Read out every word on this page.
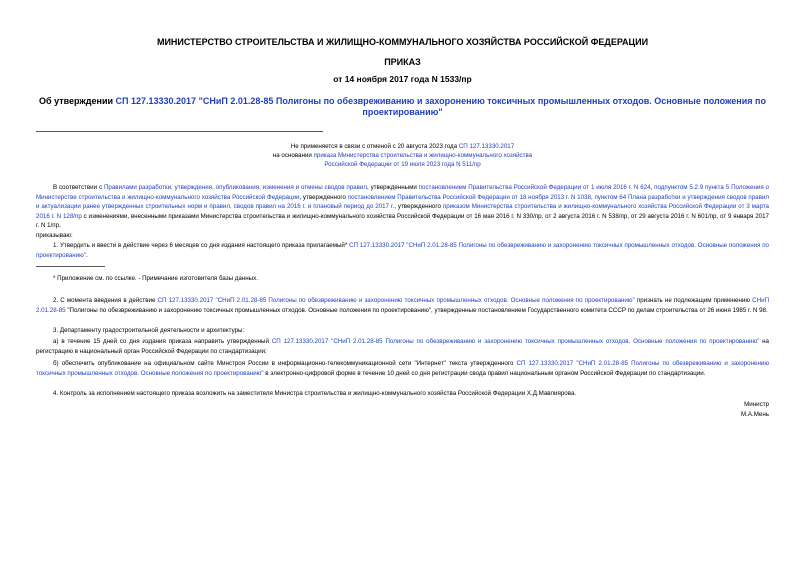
МИНИСТЕРСТВО СТРОИТЕЛЬСТВА И ЖИЛИЩНО-КОММУНАЛЬНОГО ХОЗЯЙСТВА РОССИЙСКОЙ ФЕДЕРАЦИИ
ПРИКАЗ
от 14 ноября 2017 года N 1533/пр
Об утверждении СП 127.13330.2017 "СНиП 2.01.28-85 Полигоны по обезвреживанию и захоронению токсичных промышленных отходов. Основные положения по проектированию"
Не применяется в связи с отменой с 20 августа 2023 года СП 127.13330.2017
на основании приказа Министерства строительства и жилищно-коммунального хозяйства
Российской Федерации от 19 июля 2023 года N 511/пр
В соответствии с Правилами разработки, утверждения, опубликования, изменения и отмены сводов правил, утвержденными постановлением Правительства Российской Федерации от 1 июля 2016 г. N 624, подпунктом 5.2.9 пункта 5 Положения о Министерстве строительства и жилищно-коммунального хозяйства Российской Федерации, утвержденного постановлением Правительства Российской Федерации от 18 ноября 2013 г. N 1038, пунктом 64 Плана разработки и утверждения сводов правил и актуализации ранее утвержденных строительных норм и правил, сводов правил на 2016 г. и плановый период до 2017 г., утвержденного приказом Министерства строительства и жилищно-коммунального хозяйства Российской Федерации от 3 марта 2016 г. N 128/пр с изменениями, внесенными приказами Министерства строительства и жилищно-коммунального хозяйства Российской Федерации от 16 мая 2016 г. N 330/пр, от 2 августа 2016 г. N 538/пр, от 29 августа 2016 г. N 601/пр, от 9 января 2017 г. N 1/пр,
приказываю:
1. Утвердить и ввести в действие через 6 месяцев со дня издания настоящего приказа прилагаемый* СП 127.13330.2017 "СНиП 2.01.28-85 Полигоны по обезвреживанию и захоронению токсичных промышленных отходов. Основные положения по проектированию".
* Приложение см. по ссылке. - Примечание изготовителя базы данных.
2. С момента введения в действие СП 127.13330.2017 "СНиП 2.01.28-85 Полигоны по обезвреживанию и захоронению токсичных промышленных отходов. Основные положения по проектированию" признать не подлежащим применению СНиП 2.01.28-85 "Полигоны по обезвреживанию и захоронению токсичных промышленных отходов. Основные положения по проектированию", утвержденные постановлением Государственного комитета СССР по делам строительства от 26 июня 1985 г. N 98.
3. Департаменту градостроительной деятельности и архитектуры:
а) в течение 15 дней со дня издания приказа направить утвержденный СП 127.13330.2017 "СНиП 2.01.28-85 Полигоны по обезвреживанию и захоронению токсичных промышленных отходов. Основные положения по проектированию" на регистрацию в национальный орган Российской Федерации по стандартизации;
б) обеспечить опубликование на официальном сайте Минстроя России в информационно-телекоммуникационной сети "Интернет" текста утвержденного СП 127.13330.2017 "СНиП 2.01.28-85 Полигоны по обезвреживанию и захоронению токсичных промышленных отходов. Основные положения по проектированию" в электронно-цифровой форме в течение 10 дней со дня регистрации свода правил национальным органом Российской Федерации по стандартизации.
4. Контроль за исполнением настоящего приказа возложить на заместителя Министра строительства и жилищно-коммунального хозяйства Российской Федерации Х.Д.Мавлиярова.
Министр
М.А.Мень
